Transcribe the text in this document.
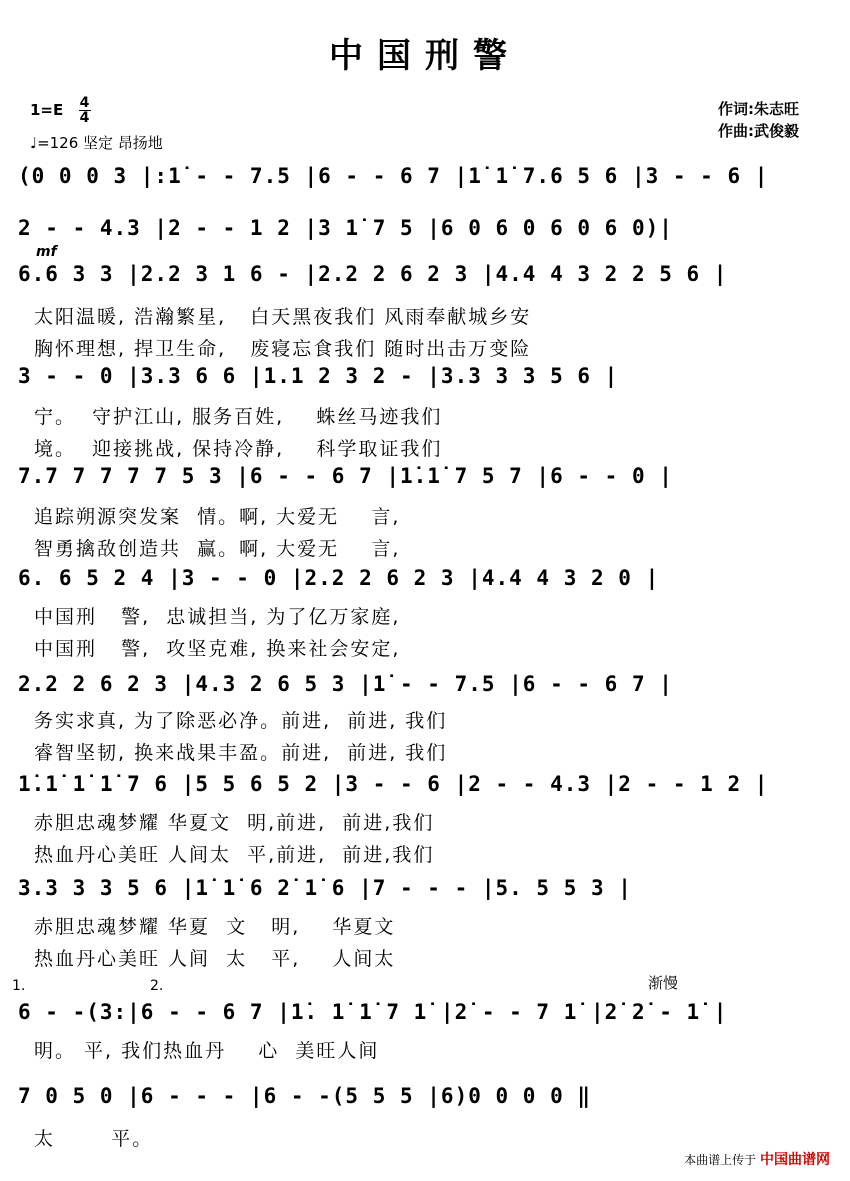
中国刑警
$1=E \frac{4}{4}$
♩=126 坚定 昂扬地
作词:朱志旺
作曲:武俊毅
mf
1.	2.	渐慢
本曲谱上传于 中国曲谱网
(0 0 0 3 |:1̇ - - 7.5 |6 - - 6 7 |1̇ 1̇ 7.6 5 6 |3 - - 6 |
2 - - 4.3 |2 - - 1 2 |3 1̇ 7 5 |6 0 6 0 6 0 6 0)|
6.6 3 3 |2.2 3 1 6 - |2.2 2 6 2 3 |4.4 4 3 2 2 5 6 |
太阳温暖, 浩瀚繁星,   白天黑夜我们 风雨奉献城乡安
胸怀理想, 捍卫生命,   废寝忘食我们 随时出击万变险
3 - - 0 |3.3 6 6 |1.1 2 3 2 - |3.3 3 3 5 6 |
宁。  守护江山, 服务百姓,    蛛丝马迹我们
境。  迎接挑战, 保持冷静,    科学取证我们
7.7 7 7 7 7 5 3 |6 - - 6 7 |1̇.1̇ 7 5 7 |6 - - 0 |
追踪朔源突发案  情。啊, 大爱无    言,
智勇擒敌创造共  赢。啊, 大爱无    言,
6. 6 5 2 4 |3 - - 0 |2.2 2 6 2 3 |4.4 4 3 2 0 |
中国刑   警,  忠诚担当, 为了亿万家庭,
中国刑   警,  攻坚克难, 换来社会安定,
2.2 2 6 2 3 |4.3 2 6 5 3 |1̇ - - 7.5 |6 - - 6 7 |
务实求真, 为了除恶必净。前进,  前进, 我们
睿智坚韧, 换来战果丰盈。前进,  前进, 我们
1̇.1̇ 1̇ 1̇ 7 6 |5 5 6 5 2 |3 - - 6 |2 - - 4.3 |2 - - 1 2 |
赤胆忠魂梦耀 华夏文  明,前进,  前进,我们
热血丹心美旺 人间太  平,前进,  前进,我们
3.3 3 3 5 6 |1̇ 1̇ 6 2̇ 1̇ 6 |7 - - - |5. 5 5 3 |
赤胆忠魂梦耀 华夏  文   明,    华夏文
热血丹心美旺 人间  太   平,    人间太
6 - -(3:|6 - - 6 7 |1̇. 1̇ 1̇ 7 1̇ |2̇ - - 7 1̇ |2̇ 2̇ - 1̇ |
明。 平, 我们热血丹    心  美旺人间
7 0 5 0 |6 - - - |6 - -(5 5 5 |6)0 0 0 0 ‖
太       平。
